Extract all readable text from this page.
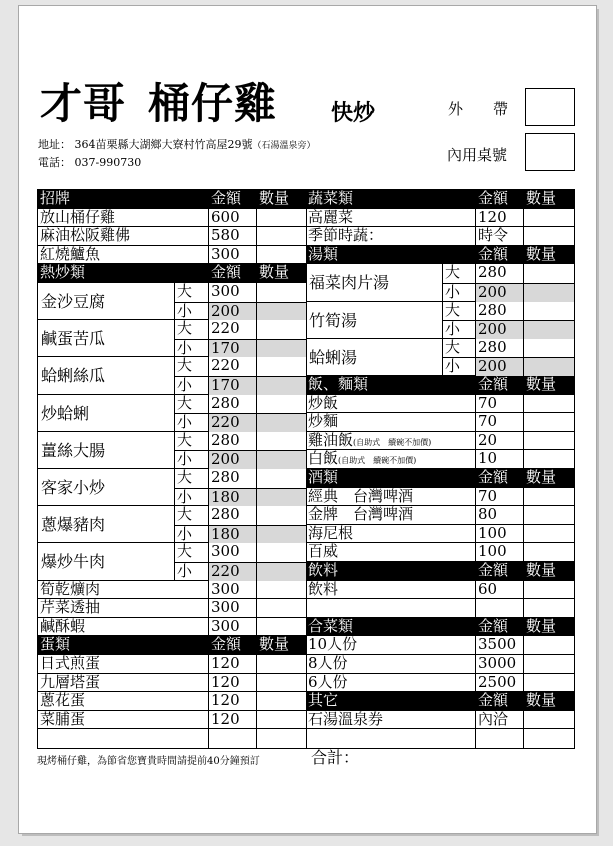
才哥 桶仔雞 快炒
地址： 364苗栗縣大湖鄉大寮村竹高屋29號（石湯溫泉旁）
電話： 037-990730
外　　帶
內用桌號
招牌	金額	數量
放山桶仔雞	600
麻油松阪雞佛	580
紅燒鱸魚	300
熱炒類	金額	數量
金沙豆腐
大	300
小	200
鹹蛋苦瓜
大	220
小	170
蛤蜊絲瓜
大	220
小	170
炒蛤蜊
大	280
小	220
薑絲大腸
大	280
小	200
客家小炒
大	280
小	180
蔥爆豬肉
大	280
小	180
爆炒牛肉
大	300
小	220
筍乾爌肉	300
芹菜透抽	300
鹹酥蝦	300
蛋類	金額	數量
日式煎蛋	120
九層塔蛋	120
蔥花蛋	120
菜脯蛋	120
蔬菜類	金額	數量
高麗菜	120
季節時蔬：	時令
湯類	金額	數量
福菜肉片湯
大	280
小	200
竹筍湯
大	280
小	200
蛤蜊湯
大	280
小	200
飯、麵類	金額	數量
炒飯	70
炒麵	70
雞油飯(自助式　續碗不加價)	20
白飯(自助式　續碗不加價)	10
酒類	金額	數量
經典　台灣啤酒	70
金牌　台灣啤酒	80
海尼根	100
百威	100
飲料	金額	數量
飲料	60
合菜類	金額	數量
10人份	3500
8人份	3000
6人份	2500
其它	金額	數量
石湯溫泉券	內洽
現烤桶仔雞，為節省您寶貴時間請提前40分鐘預訂	合計：
